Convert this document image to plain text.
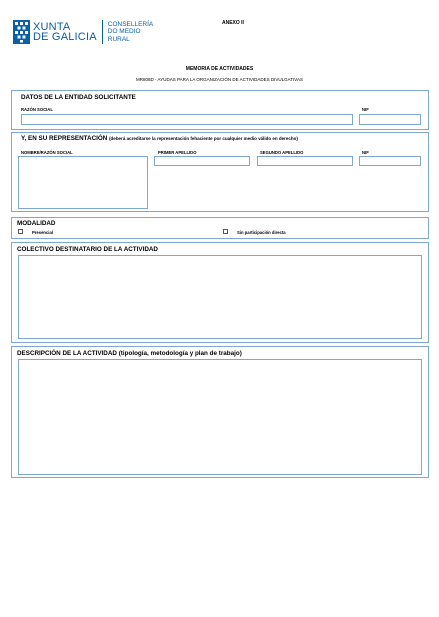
XUNTA
DE GALICIA
CONSELLERÍA
DO MEDIO
RURAL
ANEXO II
MEMORIA DE ACTIVIDADES
MR808D - AYUDAS PARA LA ORGANIZACIÓN DE ACTIVIDADES DIVULGATIVAS
DATOS DE LA ENTIDAD SOLICITANTE
RAZÓN SOCIAL	NIF
Y, EN SU REPRESENTACIÓN (deberá acreditarse la representación fehaciente por cualquier medio válido en derecho)
NOMBRE/RAZÓN SOCIAL	PRIMER APELLIDO	SEGUNDO APELLIDO	NIF
MODALIDAD
Presencial	Sin participación directa
COLECTIVO DESTINATARIO DE LA ACTIVIDAD
DESCRIPCIÓN DE LA ACTIVIDAD (tipología, metodología y plan de trabajo)
